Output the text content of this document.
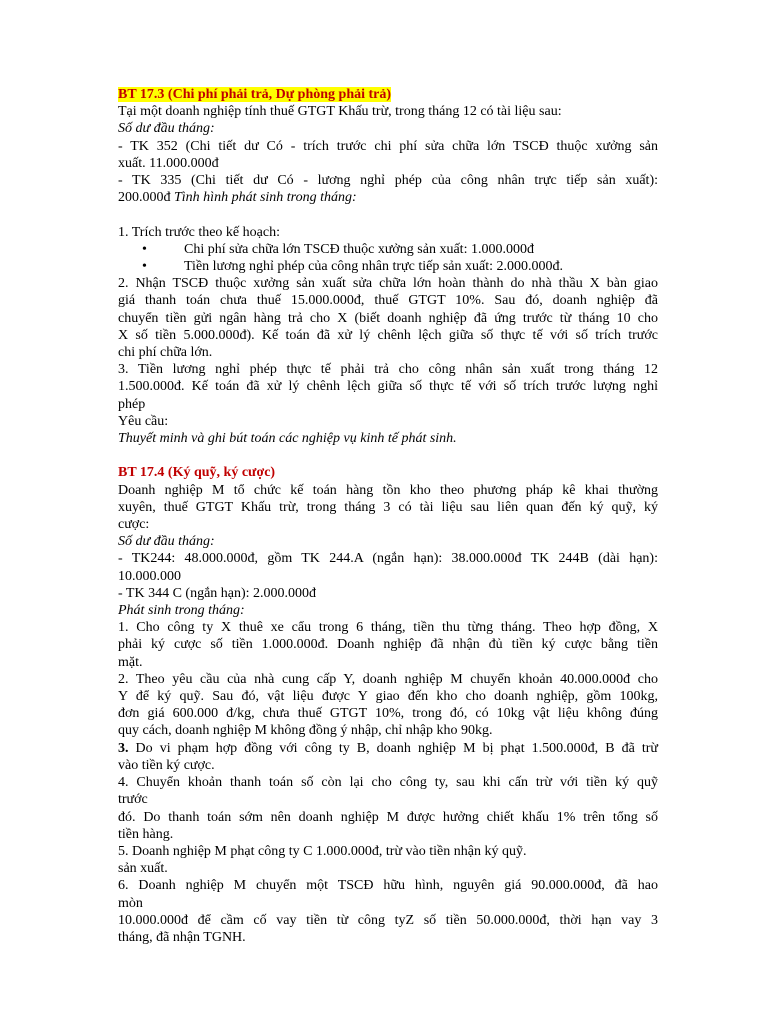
BT 17.3 (Chi phí phải trả, Dự phòng phải trả)
Tại một doanh nghiệp tính thuế GTGT Khấu trừ, trong tháng 12 có tài liệu sau:
Số dư đầu tháng:
- TK 352 (Chi tiết dư Có - trích trước chi phí sửa chữa lớn TSCĐ thuộc xưởng sản
xuất. 11.000.000đ
- TK 335 (Chi tiết dư Có - lương nghỉ phép của công nhân trực tiếp sản xuất):
200.000đ Tình hình phát sinh trong tháng:
1. Trích trước theo kế hoạch:
•	Chi phí sửa chữa lớn TSCĐ thuộc xưởng sản xuất: 1.000.000đ
•	Tiền lương nghỉ phép của công nhân trực tiếp sản xuất: 2.000.000đ.
2. Nhận TSCĐ thuộc xưởng sản xuất sửa chữa lớn hoàn thành do nhà thầu X bàn giao
giá thanh toán chưa thuế 15.000.000đ, thuế GTGT 10%. Sau đó, doanh nghiệp đã
chuyển tiền gửi ngân hàng trả cho X (biết doanh nghiệp đã ứng trước từ tháng 10 cho
X số tiền 5.000.000đ). Kế toán đã xử lý chênh lệch giữa số thực tế với số trích trước
chi phí chữa lớn.
3. Tiền lương nghỉ phép thực tế phải trả cho công nhân sản xuất trong tháng 12
1.500.000đ. Kế toán đã xử lý chênh lệch giữa số thực tế với số trích trước lượng nghỉ
phép
Yêu cầu:
Thuyết minh và ghi bút toán các nghiệp vụ kinh tế phát sinh.
BT 17.4 (Ký quỹ, ký cược)
Doanh nghiệp M tổ chức kế toán hàng tồn kho theo phương pháp kê khai thường
xuyên, thuế GTGT Khấu trừ, trong tháng 3 có tài liệu sau liên quan đến ký quỹ, ký
cược:
Số dư đầu tháng:
- TK244: 48.000.000đ, gồm TK 244.A (ngắn hạn): 38.000.000đ TK 244B (dài hạn):
10.000.000
- TK 344 C (ngắn hạn): 2.000.000đ
Phát sinh trong tháng:
1. Cho công ty X thuê xe cẩu trong 6 tháng, tiền thu từng tháng. Theo hợp đồng, X
phải ký cược số tiền 1.000.000đ. Doanh nghiệp đã nhận đủ tiền ký cược bằng tiền
mặt.
2. Theo yêu cầu của nhà cung cấp Y, doanh nghiệp M chuyển khoản 40.000.000đ cho
Y để ký quỹ. Sau đó, vật liệu được Y giao đến kho cho doanh nghiệp, gồm 100kg,
đơn giá 600.000 đ/kg, chưa thuế GTGT 10%, trong đó, có 10kg vật liệu không đúng
quy cách, doanh nghiệp M không đồng ý nhập, chỉ nhập kho 90kg.
3. Do vi phạm hợp đồng với công ty B, doanh nghiệp M bị phạt 1.500.000đ, B đã trừ
vào tiền ký cược.
4. Chuyển khoản thanh toán số còn lại cho công ty, sau khi cấn trừ với tiền ký quỹ
trước
đó. Do thanh toán sớm nên doanh nghiệp M được hưởng chiết khấu 1% trên tổng số
tiền hàng.
5. Doanh nghiệp M phạt công ty C 1.000.000đ, trừ vào tiền nhận ký quỹ.
sản xuất.
6. Doanh nghiệp M chuyển một TSCĐ hữu hình, nguyên giá 90.000.000đ, đã hao
mòn
10.000.000đ để cầm cố vay tiền từ công tyZ số tiền 50.000.000đ, thời hạn vay 3
tháng, đã nhận TGNH.
